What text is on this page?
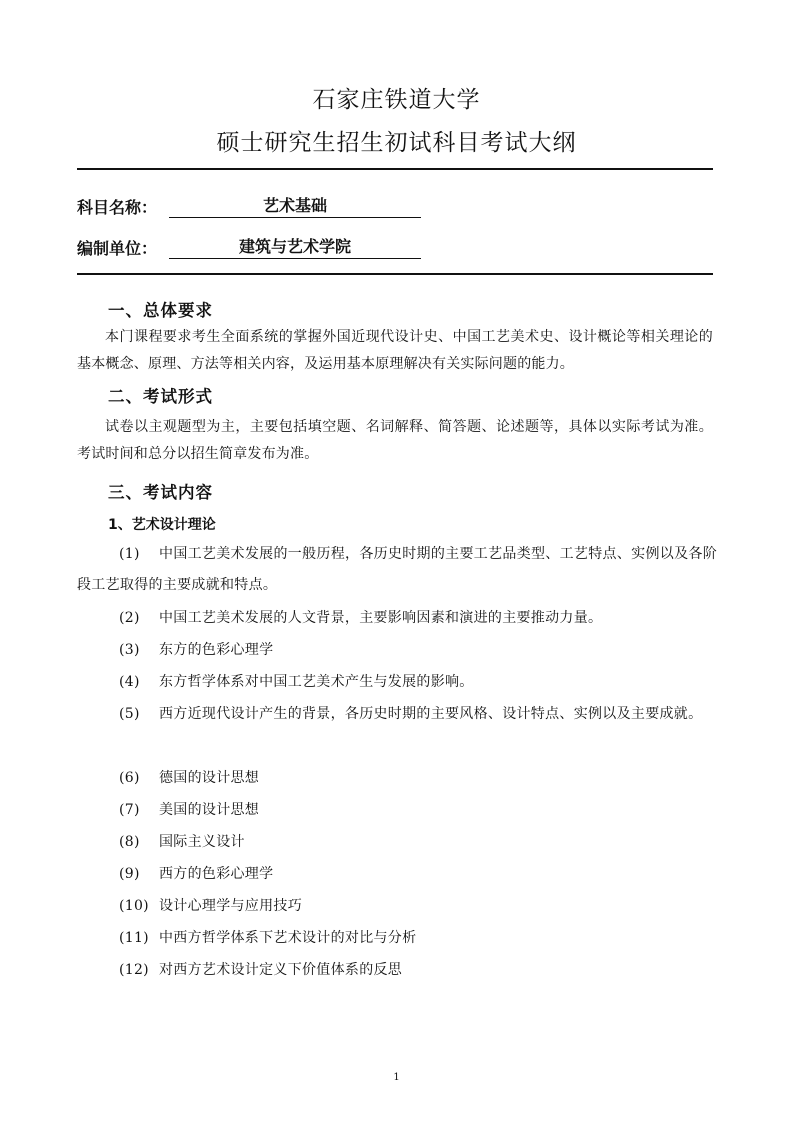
石家庄铁道大学
硕士研究生招生初试科目考试大纲
科目名称：	艺术基础
编制单位：	建筑与艺术学院
一、总体要求
本门课程要求考生全面系统的掌握外国近现代设计史、中国工艺美术史、设计概论等相关理论的基本概念、原理、方法等相关内容，及运用基本原理解决有关实际问题的能力。
二、考试形式
试卷以主观题型为主，主要包括填空题、名词解释、简答题、论述题等，具体以实际考试为准。考试时间和总分以招生简章发布为准。
三、考试内容
1、艺术设计理论
(1) 中国工艺美术发展的一般历程，各历史时期的主要工艺品类型、工艺特点、实例以及各阶段工艺取得的主要成就和特点。
(2) 中国工艺美术发展的人文背景，主要影响因素和演进的主要推动力量。
(3) 东方的色彩心理学
(4) 东方哲学体系对中国工艺美术产生与发展的影响。
(5) 西方近现代设计产生的背景，各历史时期的主要风格、设计特点、实例以及主要成就。
(6) 德国的设计思想
(7) 美国的设计思想
(8) 国际主义设计
(9) 西方的色彩心理学
(10) 设计心理学与应用技巧
(11) 中西方哲学体系下艺术设计的对比与分析
(12) 对西方艺术设计定义下价值体系的反思
1
